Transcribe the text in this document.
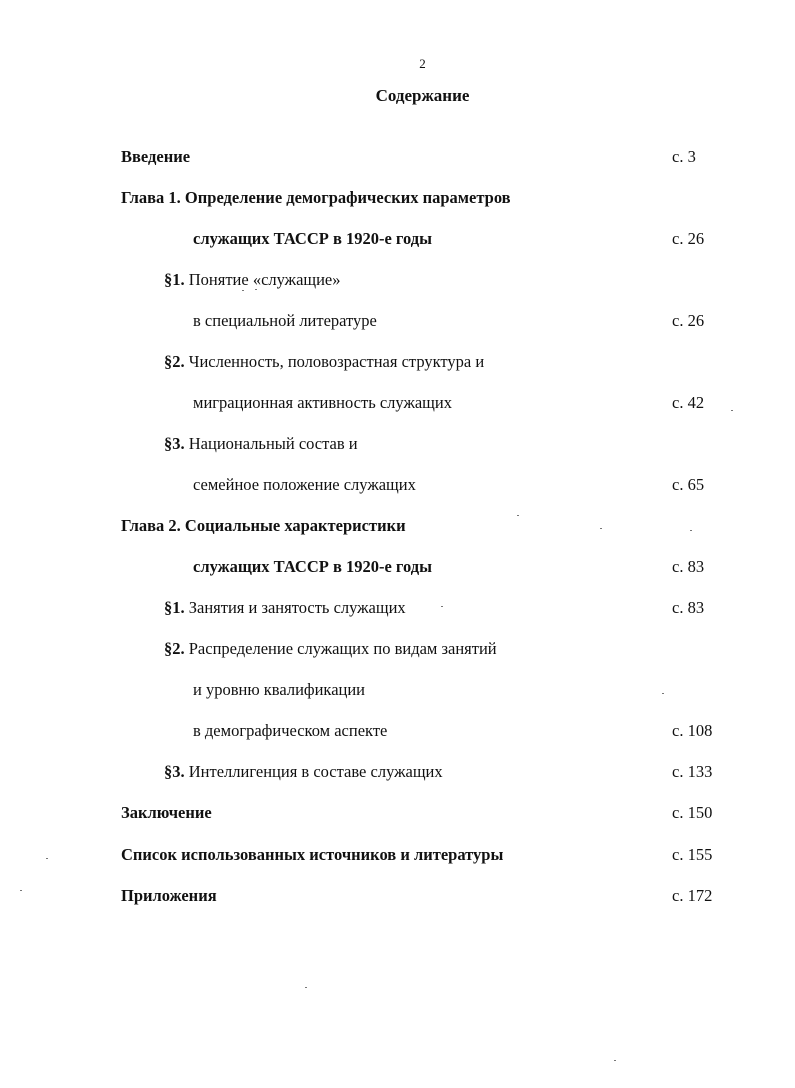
2
Содержание
Введение	с. 3
Глава 1. Определение демографических параметров
служащих ТАССР в 1920-е годы	с. 26
§1. Понятие «служащие»
в специальной литературе	с. 26
§2. Численность, половозрастная структура и
миграционная активность служащих	с. 42
§3. Национальный состав и
семейное положение служащих	с. 65
Глава 2. Социальные характеристики
служащих ТАССР в 1920-е годы	с. 83
§1. Занятия и занятость служащих	с. 83
§2. Распределение служащих по видам занятий
и уровню квалификации
в демографическом аспекте	с. 108
§3. Интеллигенция в составе служащих	с. 133
Заключение	с. 150
Список использованных источников и литературы	с. 155
Приложения	с. 172
